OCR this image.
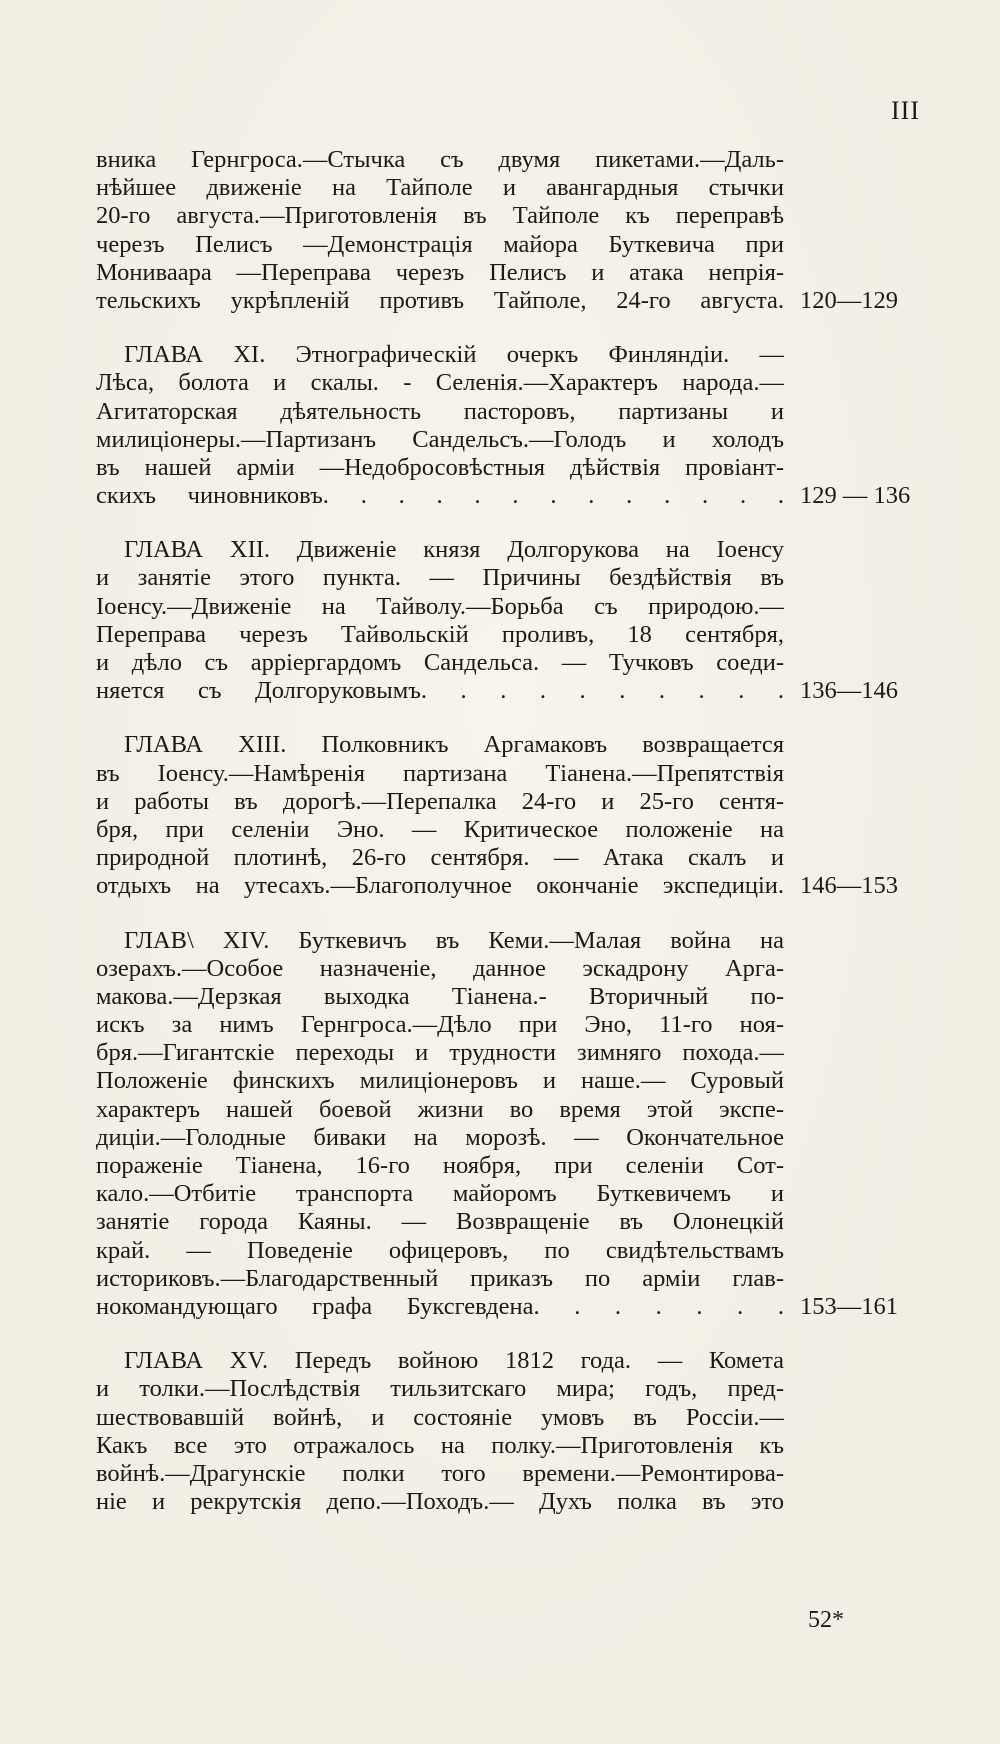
III
вника Гернгроса.—Стычка съ двумя пикетами.—Даль-
нѣйшее движеніе на Тайполе и авангардныя стычки
20-го августа.—Приготовленія въ Тайполе къ переправѣ
черезъ Пелисъ —Демонстрація майора Буткевича при
Мониваара —Переправа черезъ Пелисъ и атака непрія-
тельскихъ укрѣпленій противъ Тайполе, 24-го августа. 120—129
ГЛАВА XI. Этнографическій очеркъ Финляндіи. —
Лѣса, болота и скалы. - Селенія.—Характеръ народа.—
Агитаторская дѣятельность пасторовъ, партизаны и
милиціонеры.—Партизанъ Сандельсъ.—Голодъ и холодъ
въ нашей арміи —Недобросовѣстныя дѣйствія провіант-
скихъ чиновниковъ. . . . . . . . . . . . . 129 — 136
ГЛАВА XII. Движеніе князя Долгорукова на Іоенсу
и занятіе этого пункта. — Причины бездѣйствія въ
Іоенсу.—Движеніе на Тайволу.—Борьба съ природою.—
Переправа черезъ Тайвольскій проливъ, 18 сентября,
и дѣло съ арріергардомъ Сандельса. — Тучковъ соеди-
няется съ Долгоруковымъ. . . . . . . . . . 136—146
ГЛАВА XIII. Полковникъ Аргамаковъ возвращается
въ Іоенсу.—Намѣренія партизана Тіанена.—Препятствія
и работы въ дорогѣ.—Перепалка 24-го и 25-го сентя-
бря, при селеніи Эно. — Критическое положеніе на
природной плотинѣ, 26-го сентября. — Атака скалъ и
отдыхъ на утесахъ.—Благополучное окончаніе экспедиціи. 146—153
ГЛАВ\ XIV. Буткевичъ въ Кеми.—Малая война на
озерахъ.—Особое назначеніе, данное эскадрону Арга-
макова.—Дерзкая выходка Тіанена.- Вторичный по-
искъ за нимъ Гернгроса.—Дѣло при Эно, 11-го ноя-
бря.—Гигантскіе переходы и трудности зимняго похода.—
Положеніе финскихъ милиціонеровъ и наше.— Суровый
характеръ нашей боевой жизни во время этой экспе-
диціи.—Голодные биваки на морозѣ. — Окончательное
пораженіе Тіанена, 16-го ноября, при селеніи Сот-
кало.—Отбитіе транспорта майоромъ Буткевичемъ и
занятіе города Каяны. — Возвращеніе въ Олонецкій
край. — Поведеніе офицеровъ, по свидѣтельствамъ
историковъ.—Благодарственный приказъ по арміи глав-
нокомандующаго графа Буксгевдена. . . . . . . 153—161
ГЛАВА XV. Передъ войною 1812 года. — Комета
и толки.—Послѣдствія тильзитскаго мира; годъ, пред-
шествовавшій войнѣ, и состояніе умовъ въ Россіи.—
Какъ все это отражалось на полку.—Приготовленія къ
войнѣ.—Драгунскіе полки того времени.—Ремонтирова-
ніе и рекрутскія депо.—Походъ.— Духъ полка въ это
52*
